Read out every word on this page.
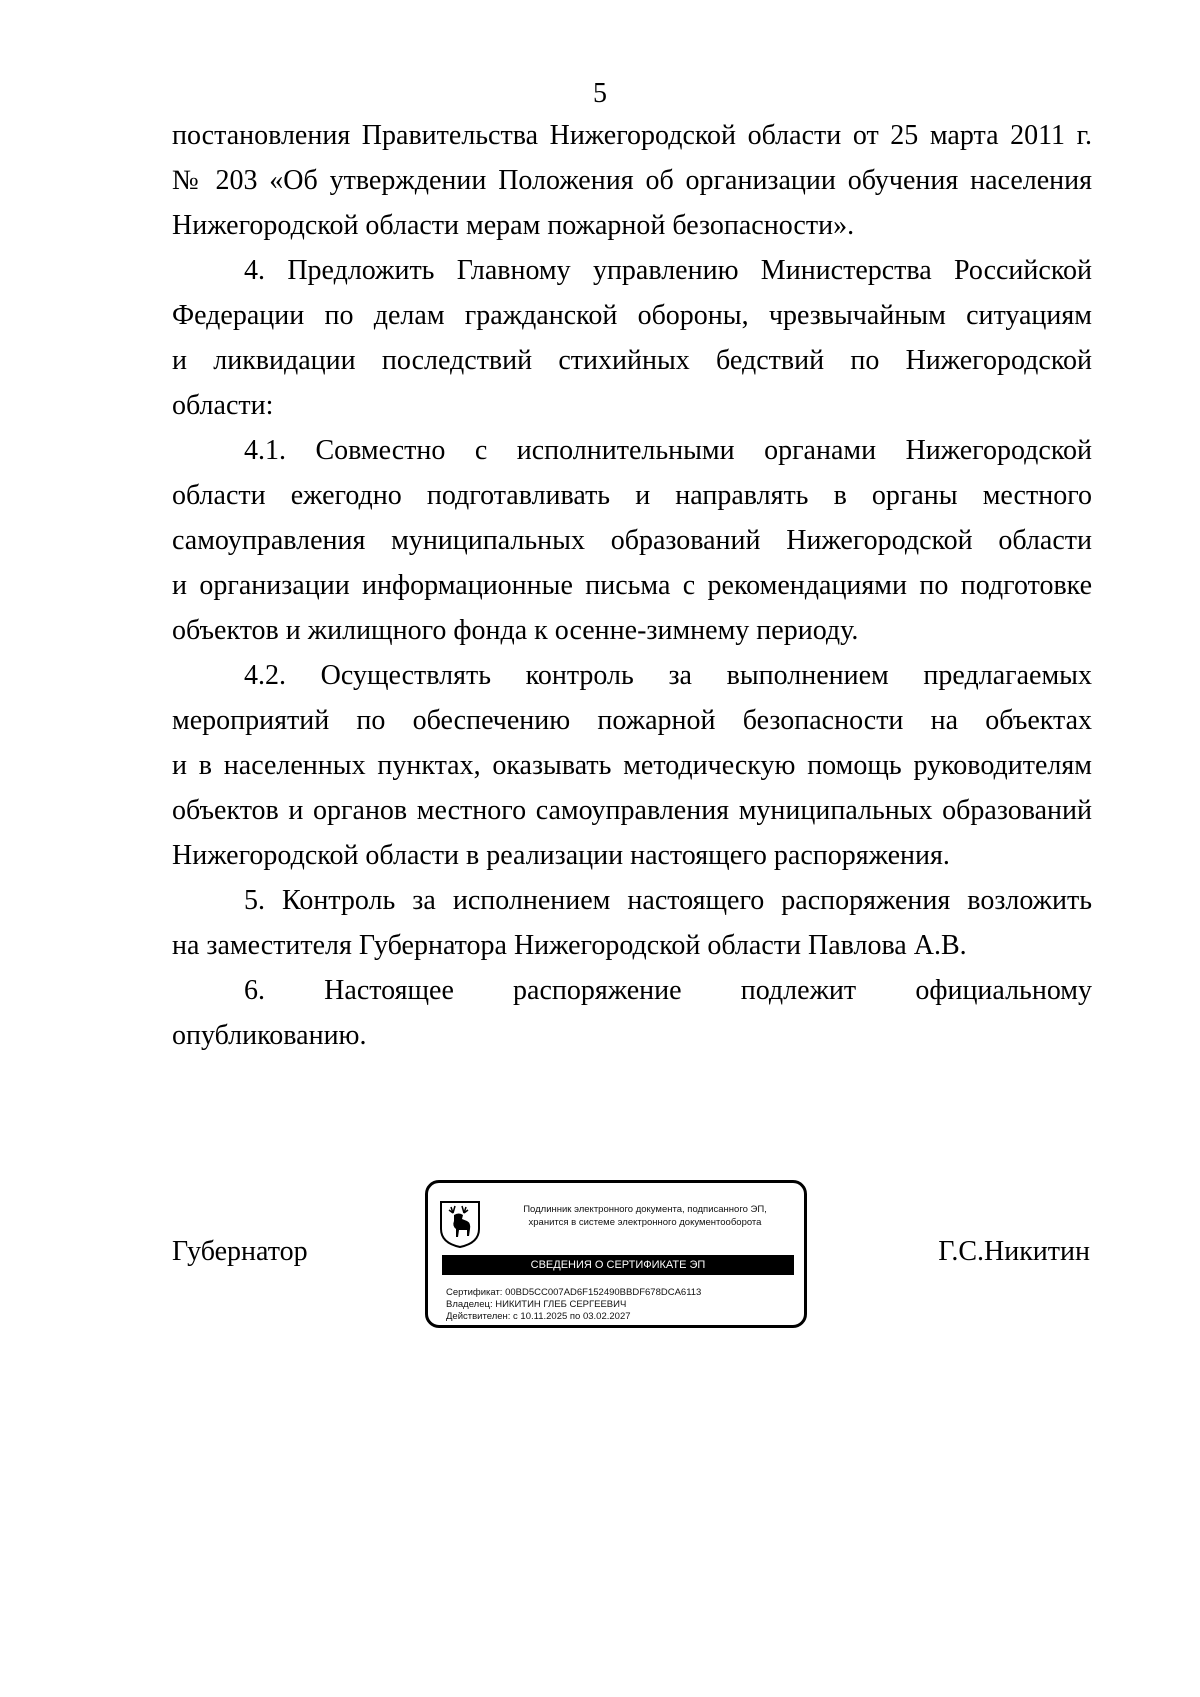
5
постановления Правительства Нижегородской области от 25 марта 2011 г.
№ 203 «Об утверждении Положения об организации обучения населения
Нижегородской области мерам пожарной безопасности».
4. Предложить Главному управлению Министерства Российской
Федерации по делам гражданской обороны, чрезвычайным ситуациям
и ликвидации последствий стихийных бедствий по Нижегородской
области:
4.1. Совместно с исполнительными органами Нижегородской
области ежегодно подготавливать и направлять в органы местного
самоуправления муниципальных образований Нижегородской области
и организации информационные письма с рекомендациями по подготовке
объектов и жилищного фонда к осенне-зимнему периоду.
4.2. Осуществлять контроль за выполнением предлагаемых
мероприятий по обеспечению пожарной безопасности на объектах
и в населенных пунктах, оказывать методическую помощь руководителям
объектов и органов местного самоуправления муниципальных образований
Нижегородской области в реализации настоящего распоряжения.
5. Контроль за исполнением настоящего распоряжения возложить
на заместителя Губернатора Нижегородской области Павлова А.В.
6. Настоящее распоряжение подлежит официальному
опубликованию.
Губернатор
Подлинник электронного документа, подписанного ЭП,
хранится в системе электронного документооборота
СВЕДЕНИЯ О СЕРТИФИКАТЕ ЭП
Сертификат: 00BD5CC007AD6F152490BBDF678DCA6113
Владелец: НИКИТИН ГЛЕБ СЕРГЕЕВИЧ
Действителен: с 10.11.2025 по 03.02.2027
Г.С.Никитин
